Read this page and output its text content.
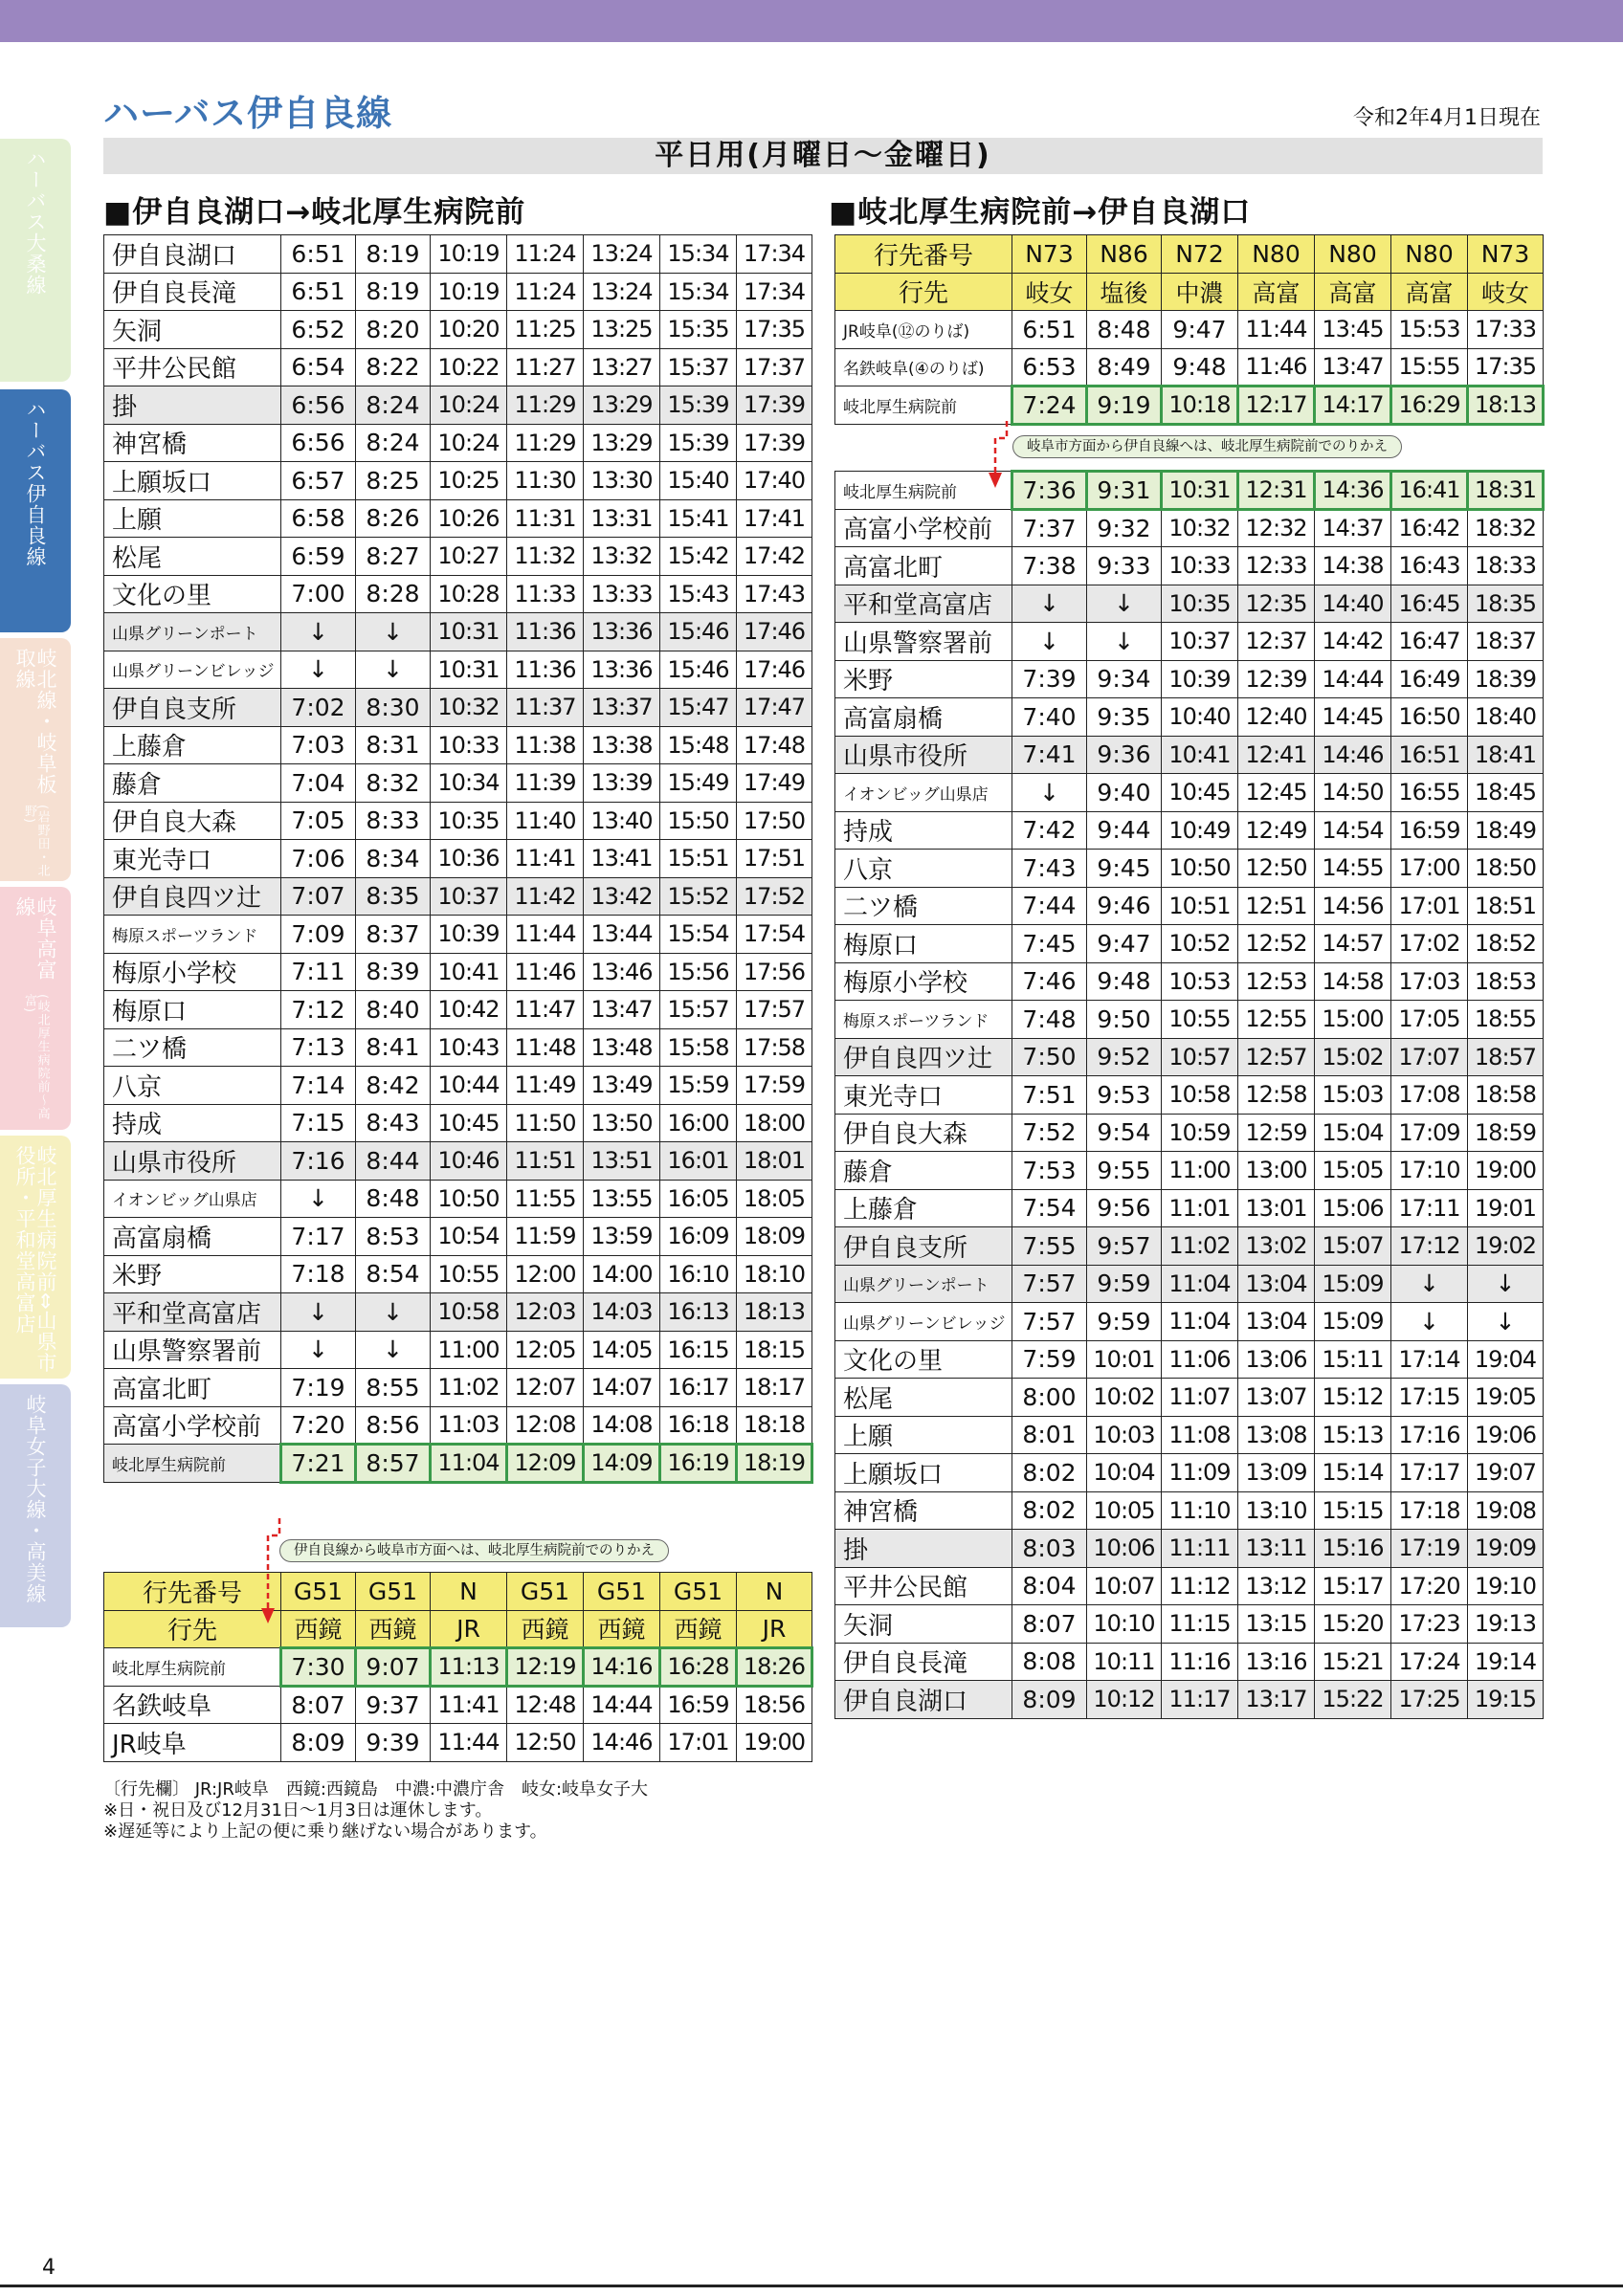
ハーバス大桑線
ハーバス伊自良線
岐北線・岐阜板取線
(岩野田・北野)
岐阜高富線
(岐北厚生病院前〜高富)
岐北厚生病院前⇔山県市役所・平和堂高富店
岐阜女子大線・高美線
ハーバス伊自良線	令和2年4月1日現在
平日用(月曜日〜金曜日)
■伊自良湖口→岐北厚生病院前	■岐北厚生病院前→伊自良湖口
伊自良湖口	6:51	8:19	10:19	11:24	13:24	15:34	17:34
伊自良長滝	6:51	8:19	10:19	11:24	13:24	15:34	17:34
矢洞	6:52	8:20	10:20	11:25	13:25	15:35	17:35
平井公民館	6:54	8:22	10:22	11:27	13:27	15:37	17:37
掛	6:56	8:24	10:24	11:29	13:29	15:39	17:39
神宮橋	6:56	8:24	10:24	11:29	13:29	15:39	17:39
上願坂口	6:57	8:25	10:25	11:30	13:30	15:40	17:40
上願	6:58	8:26	10:26	11:31	13:31	15:41	17:41
松尾	6:59	8:27	10:27	11:32	13:32	15:42	17:42
文化の里	7:00	8:28	10:28	11:33	13:33	15:43	17:43
山県グリーンポート	↓	↓	10:31	11:36	13:36	15:46	17:46
山県グリーンビレッジ	↓	↓	10:31	11:36	13:36	15:46	17:46
伊自良支所	7:02	8:30	10:32	11:37	13:37	15:47	17:47
上藤倉	7:03	8:31	10:33	11:38	13:38	15:48	17:48
藤倉	7:04	8:32	10:34	11:39	13:39	15:49	17:49
伊自良大森	7:05	8:33	10:35	11:40	13:40	15:50	17:50
東光寺口	7:06	8:34	10:36	11:41	13:41	15:51	17:51
伊自良四ツ辻	7:07	8:35	10:37	11:42	13:42	15:52	17:52
梅原スポーツランド	7:09	8:37	10:39	11:44	13:44	15:54	17:54
梅原小学校	7:11	8:39	10:41	11:46	13:46	15:56	17:56
梅原口	7:12	8:40	10:42	11:47	13:47	15:57	17:57
二ツ橋	7:13	8:41	10:43	11:48	13:48	15:58	17:58
八京	7:14	8:42	10:44	11:49	13:49	15:59	17:59
持成	7:15	8:43	10:45	11:50	13:50	16:00	18:00
山県市役所	7:16	8:44	10:46	11:51	13:51	16:01	18:01
イオンビッグ山県店	↓	8:48	10:50	11:55	13:55	16:05	18:05
高富扇橋	7:17	8:53	10:54	11:59	13:59	16:09	18:09
米野	7:18	8:54	10:55	12:00	14:00	16:10	18:10
平和堂高富店	↓	↓	10:58	12:03	14:03	16:13	18:13
山県警察署前	↓	↓	11:00	12:05	14:05	16:15	18:15
高富北町	7:19	8:55	11:02	12:07	14:07	16:17	18:17
高富小学校前	7:20	8:56	11:03	12:08	14:08	16:18	18:18
岐北厚生病院前	7:21	8:57	11:04	12:09	14:09	16:19	18:19
伊自良線から岐阜市方面へは、岐北厚生病院前でのりかえ
行先番号	G51	G51	N	G51	G51	G51	N
行先	西鏡	西鏡	JR	西鏡	西鏡	西鏡	JR
岐北厚生病院前	7:30	9:07	11:13	12:19	14:16	16:28	18:26
名鉄岐阜	8:07	9:37	11:41	12:48	14:44	16:59	18:56
JR岐阜	8:09	9:39	11:44	12:50	14:46	17:01	19:00
行先番号	N73	N86	N72	N80	N80	N80	N73
行先	岐女	塩後	中濃	高富	高富	高富	岐女
JR岐阜(⑫のりば)	6:51	8:48	9:47	11:44	13:45	15:53	17:33
名鉄岐阜(④のりば)	6:53	8:49	9:48	11:46	13:47	15:55	17:35
岐北厚生病院前	7:24	9:19	10:18	12:17	14:17	16:29	18:13
岐阜市方面から伊自良線へは、岐北厚生病院前でのりかえ
岐北厚生病院前	7:36	9:31	10:31	12:31	14:36	16:41	18:31
高富小学校前	7:37	9:32	10:32	12:32	14:37	16:42	18:32
高富北町	7:38	9:33	10:33	12:33	14:38	16:43	18:33
平和堂高富店	↓	↓	10:35	12:35	14:40	16:45	18:35
山県警察署前	↓	↓	10:37	12:37	14:42	16:47	18:37
米野	7:39	9:34	10:39	12:39	14:44	16:49	18:39
高富扇橋	7:40	9:35	10:40	12:40	14:45	16:50	18:40
山県市役所	7:41	9:36	10:41	12:41	14:46	16:51	18:41
イオンビッグ山県店	↓	9:40	10:45	12:45	14:50	16:55	18:45
持成	7:42	9:44	10:49	12:49	14:54	16:59	18:49
八京	7:43	9:45	10:50	12:50	14:55	17:00	18:50
二ツ橋	7:44	9:46	10:51	12:51	14:56	17:01	18:51
梅原口	7:45	9:47	10:52	12:52	14:57	17:02	18:52
梅原小学校	7:46	9:48	10:53	12:53	14:58	17:03	18:53
梅原スポーツランド	7:48	9:50	10:55	12:55	15:00	17:05	18:55
伊自良四ツ辻	7:50	9:52	10:57	12:57	15:02	17:07	18:57
東光寺口	7:51	9:53	10:58	12:58	15:03	17:08	18:58
伊自良大森	7:52	9:54	10:59	12:59	15:04	17:09	18:59
藤倉	7:53	9:55	11:00	13:00	15:05	17:10	19:00
上藤倉	7:54	9:56	11:01	13:01	15:06	17:11	19:01
伊自良支所	7:55	9:57	11:02	13:02	15:07	17:12	19:02
山県グリーンポート	7:57	9:59	11:04	13:04	15:09	↓	↓
山県グリーンビレッジ	7:57	9:59	11:04	13:04	15:09	↓	↓
文化の里	7:59	10:01	11:06	13:06	15:11	17:14	19:04
松尾	8:00	10:02	11:07	13:07	15:12	17:15	19:05
上願	8:01	10:03	11:08	13:08	15:13	17:16	19:06
上願坂口	8:02	10:04	11:09	13:09	15:14	17:17	19:07
神宮橋	8:02	10:05	11:10	13:10	15:15	17:18	19:08
掛	8:03	10:06	11:11	13:11	15:16	17:19	19:09
平井公民館	8:04	10:07	11:12	13:12	15:17	17:20	19:10
矢洞	8:07	10:10	11:15	13:15	15:20	17:23	19:13
伊自良長滝	8:08	10:11	11:16	13:16	15:21	17:24	19:14
伊自良湖口	8:09	10:12	11:17	13:17	15:22	17:25	19:15
〔行先欄〕 JR:JR岐阜　西鏡:西鏡島　中濃:中濃庁舎　岐女:岐阜女子大
※日・祝日及び12月31日〜1月3日は運休します。
※遅延等により上記の便に乗り継げない場合があります。
4
